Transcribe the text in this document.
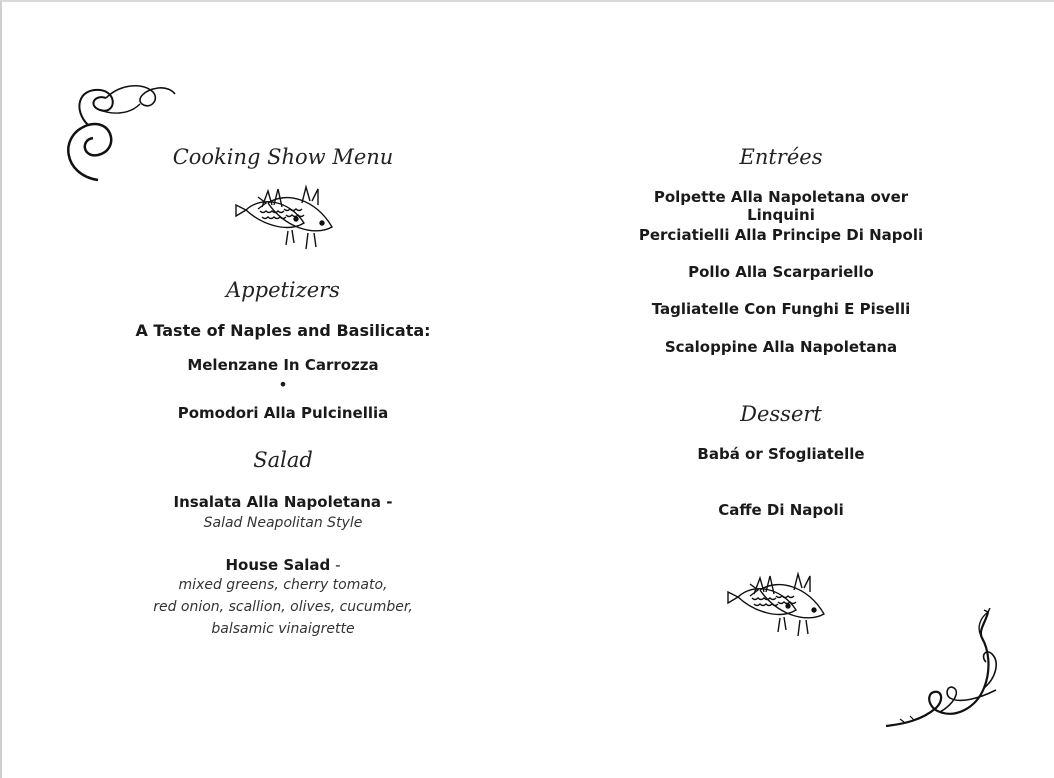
Cooking Show Menu
Appetizers
A Taste of Naples and Basilicata:
Melenzane In Carrozza
•
Pomodori Alla Pulcinellia
Salad
Insalata Alla Napoletana -
Salad Neapolitan Style
House Salad -
mixed greens, cherry tomato,
red onion, scallion, olives, cucumber,
balsamic vinaigrette
Entrées
Polpette Alla Napoletana over Linquini
Perciatielli Alla Principe Di Napoli
Pollo Alla Scarpariello
Tagliatelle Con Funghi E Piselli
Scaloppine Alla Napoletana
Dessert
Babá or Sfogliatelle
Caffe Di Napoli
